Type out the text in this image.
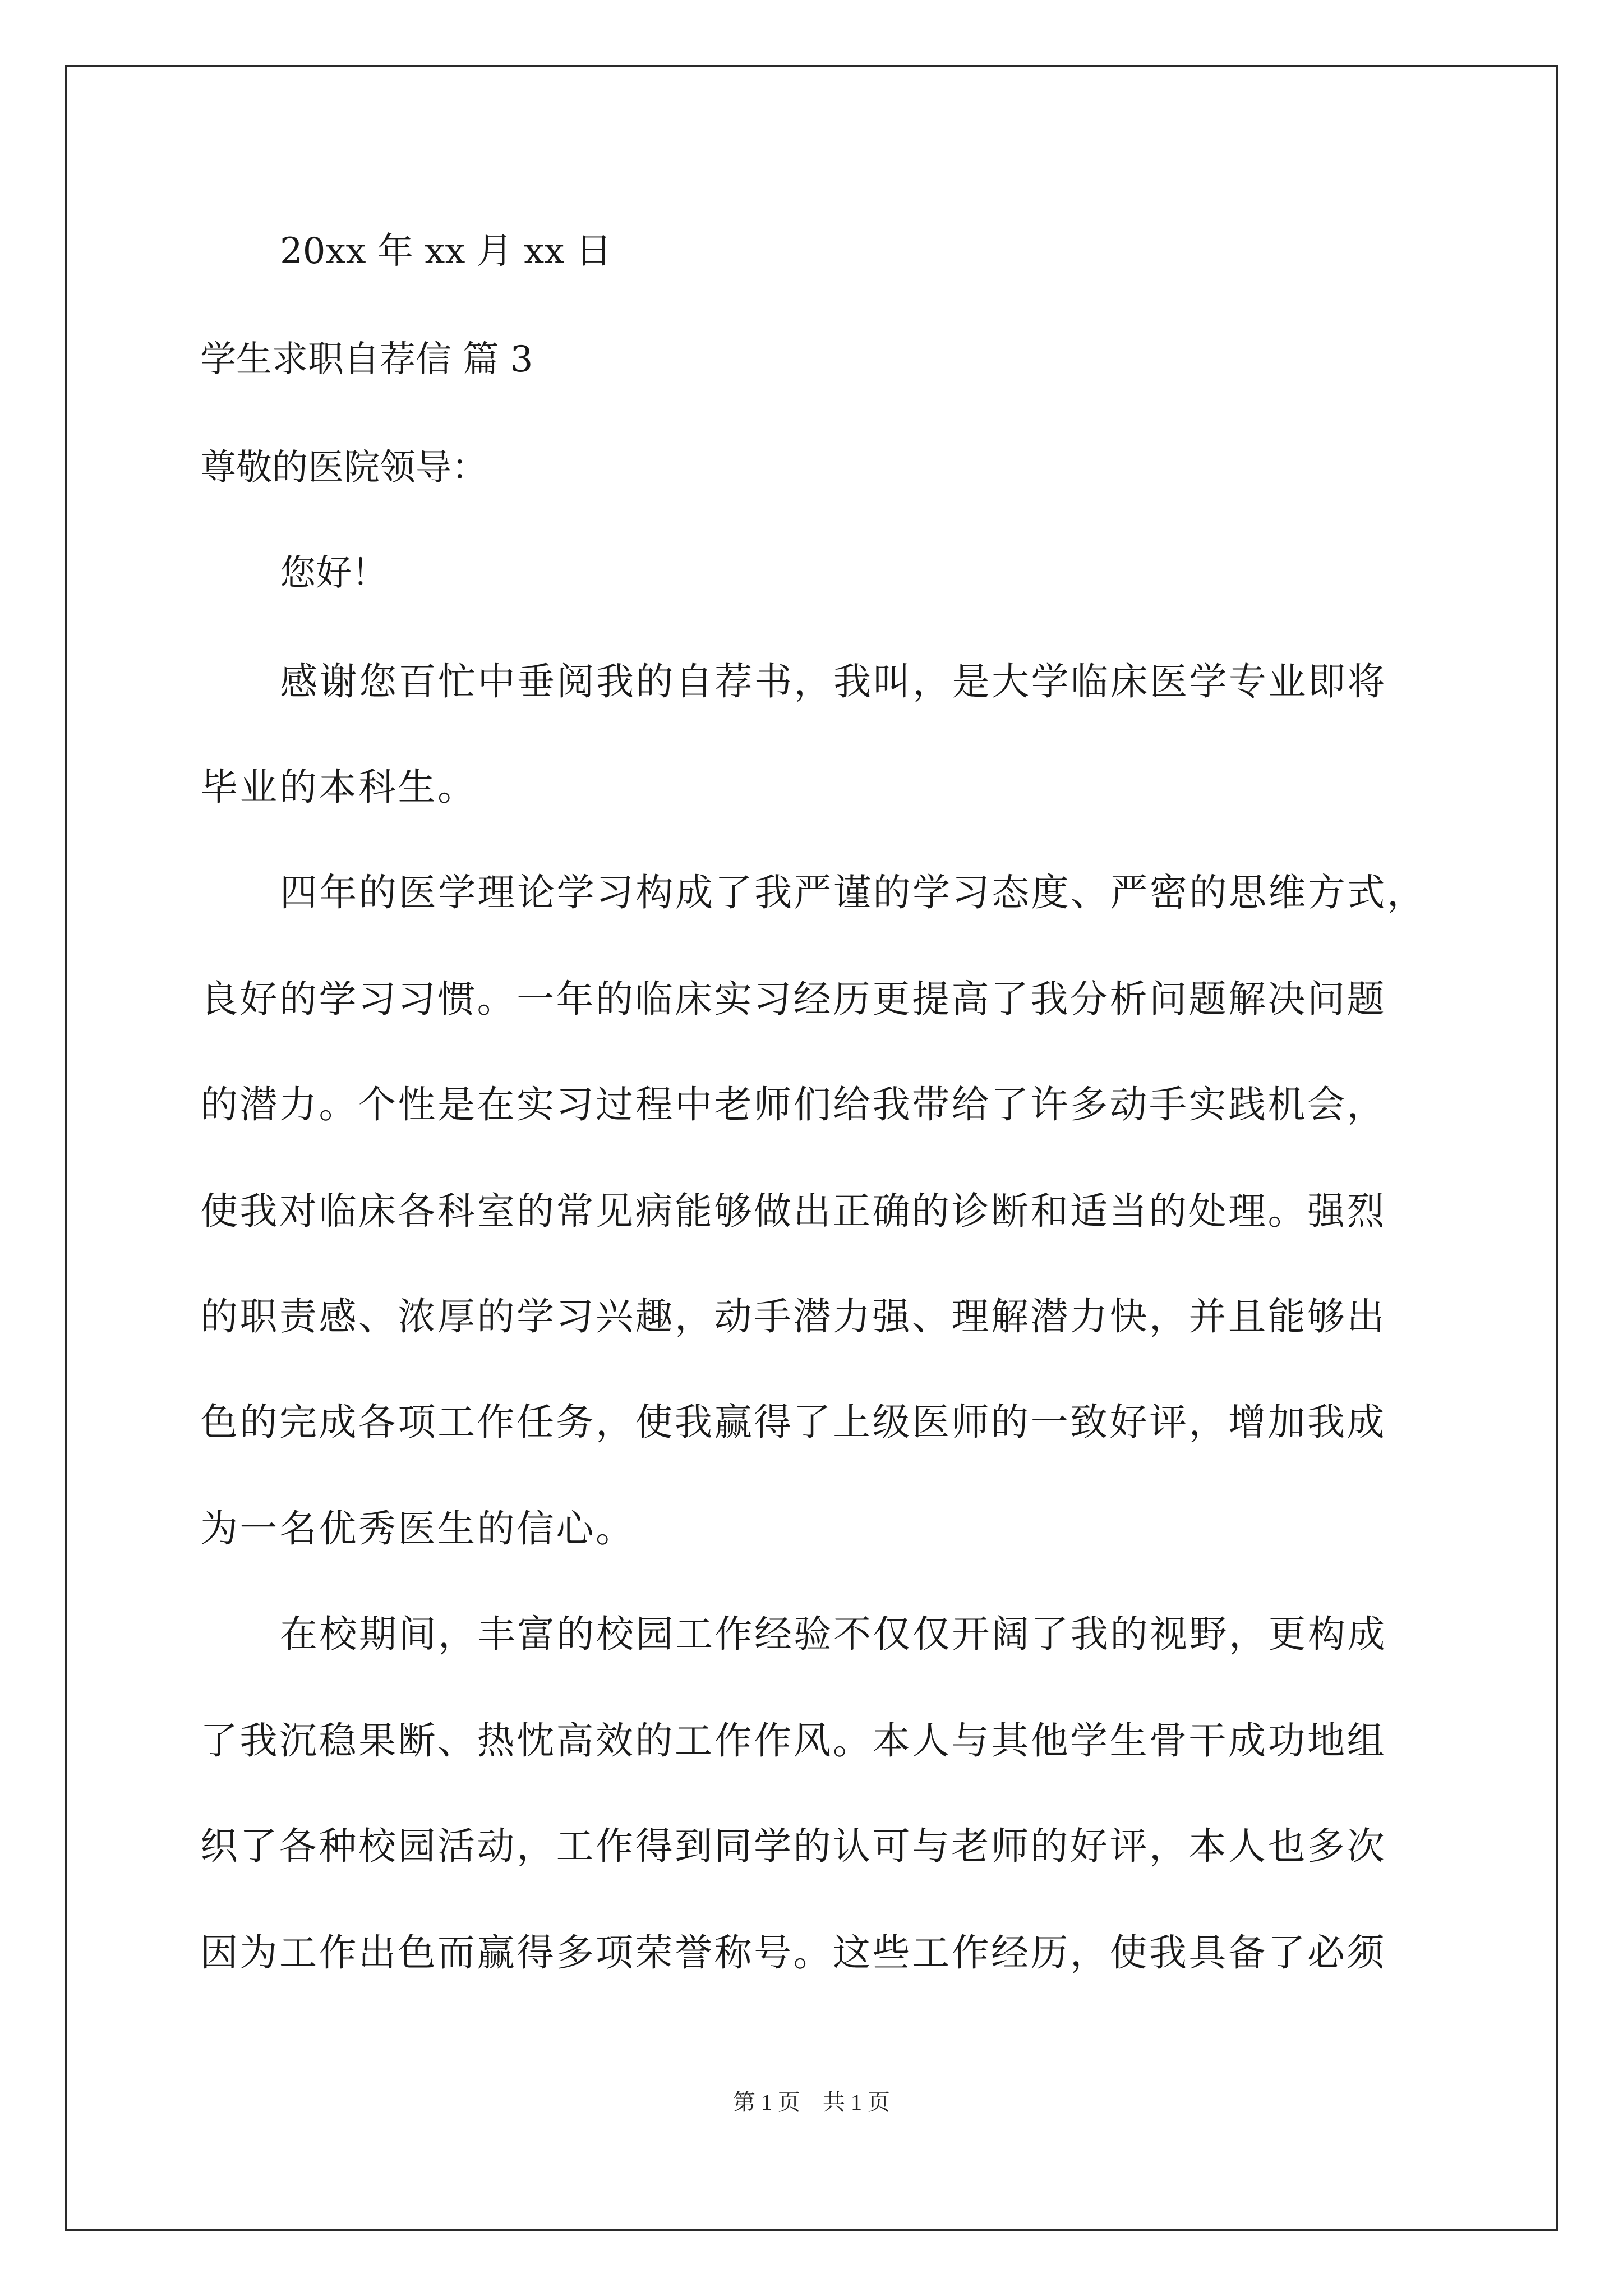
20xx 年 xx 月 xx 日
学生求职自荐信 篇 3
尊敬的医院领导：
您好！
感谢您百忙中垂阅我的自荐书，我叫，是大学临床医学专业即将
毕业的本科生。
四年的医学理论学习构成了我严谨的学习态度、严密的思维方式，
良好的学习习惯。一年的临床实习经历更提高了我分析问题解决问题
的潜力。个性是在实习过程中老师们给我带给了许多动手实践机会，
使我对临床各科室的常见病能够做出正确的诊断和适当的处理。强烈
的职责感、浓厚的学习兴趣，动手潜力强、理解潜力快，并且能够出
色的完成各项工作任务，使我赢得了上级医师的一致好评，增加我成
为一名优秀医生的信心。
在校期间，丰富的校园工作经验不仅仅开阔了我的视野，更构成
了我沉稳果断、热忱高效的工作作风。本人与其他学生骨干成功地组
织了各种校园活动，工作得到同学的认可与老师的好评，本人也多次
因为工作出色而赢得多项荣誉称号。这些工作经历，使我具备了必须
第 1 页　共 1 页
